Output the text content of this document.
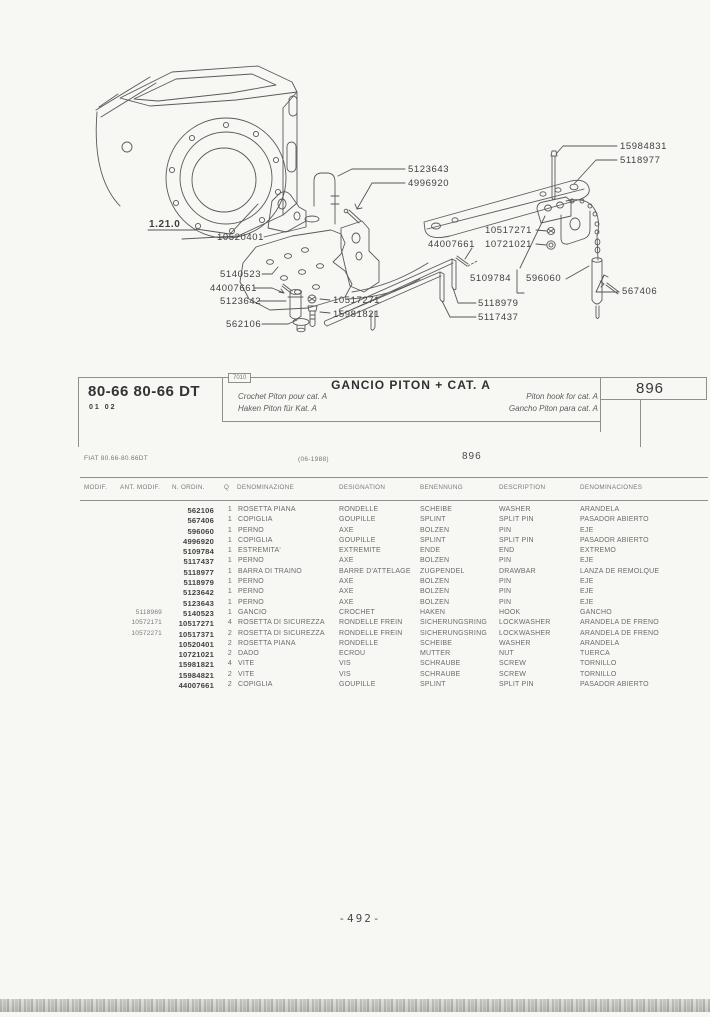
15984831
5118977
5123643
4996920
1.21.0
10520401
10517271
44007661 10721021
5140523
44007661
5123642
562106
10517271
15981821
5109784 596060
567406
5118979
5117437
80-66 80-66 DT
01 02
7010	GANCIO PITON + CAT. A
Crochet Piton pour cat. A
Haken Piton für Kat. A
Piton hook for cat. A
Gancho Piton para cat. A
896
FIAT 80.66-80.66DT	(06-1988)	896
MODIF. ANT. MODIF. N. ORDIN.	Q DENOMINAZIONE	DESIGNATION	BENENNUNG	DESCRIPTION	DENOMINACIONES
562106	1 ROSETTA PIANA	RONDELLE	SCHEIBE	WASHER	ARANDELA
567406	1 COPIGLIA	GOUPILLE	SPLINT	SPLIT PIN	PASADOR ABIERTO
596060	1 PERNO	AXE	BOLZEN	PIN	EJE
4996920	1 COPIGLIA	GOUPILLE	SPLINT	SPLIT PIN	PASADOR ABIERTO
5109784	1 ESTREMITA'	EXTREMITE	ENDE	END	EXTREMO
5117437	1 PERNO	AXE	BOLZEN	PIN	EJE
5118977	1 BARRA DI TRAINO	BARRE D'ATTELAGE	ZUGPENDEL	DRAWBAR	LANZA DE REMOLQUE
5118979	1 PERNO	AXE	BOLZEN	PIN	EJE
5123642	1 PERNO	AXE	BOLZEN	PIN	EJE
5123643	1 PERNO	AXE	BOLZEN	PIN	EJE
5118969	5140523	1 GANCIO	CROCHET	HAKEN	HOOK	GANCHO
10572171	10517271	4 ROSETTA DI SICUREZZA	RONDELLE FREIN	SICHERUNGSRING	LOCKWASHER	ARANDELA DE FRENO
10572271	10517371	2 ROSETTA DI SICUREZZA	RONDELLE FREIN	SICHERUNGSRING	LOCKWASHER	ARANDELA DE FRENO
10520401	2 ROSETTA PIANA	RONDELLE	SCHEIBE	WASHER	ARANDELA
10721021	2 DADO	ECROU	MUTTER	NUT	TUERCA
15981821	4 VITE	VIS	SCHRAUBE	SCREW	TORNILLO
15984821	2 VITE	VIS	SCHRAUBE	SCREW	TORNILLO
44007661	2 COPIGLIA	GOUPILLE	SPLINT	SPLIT PIN	PASADOR ABIERTO
-492-
